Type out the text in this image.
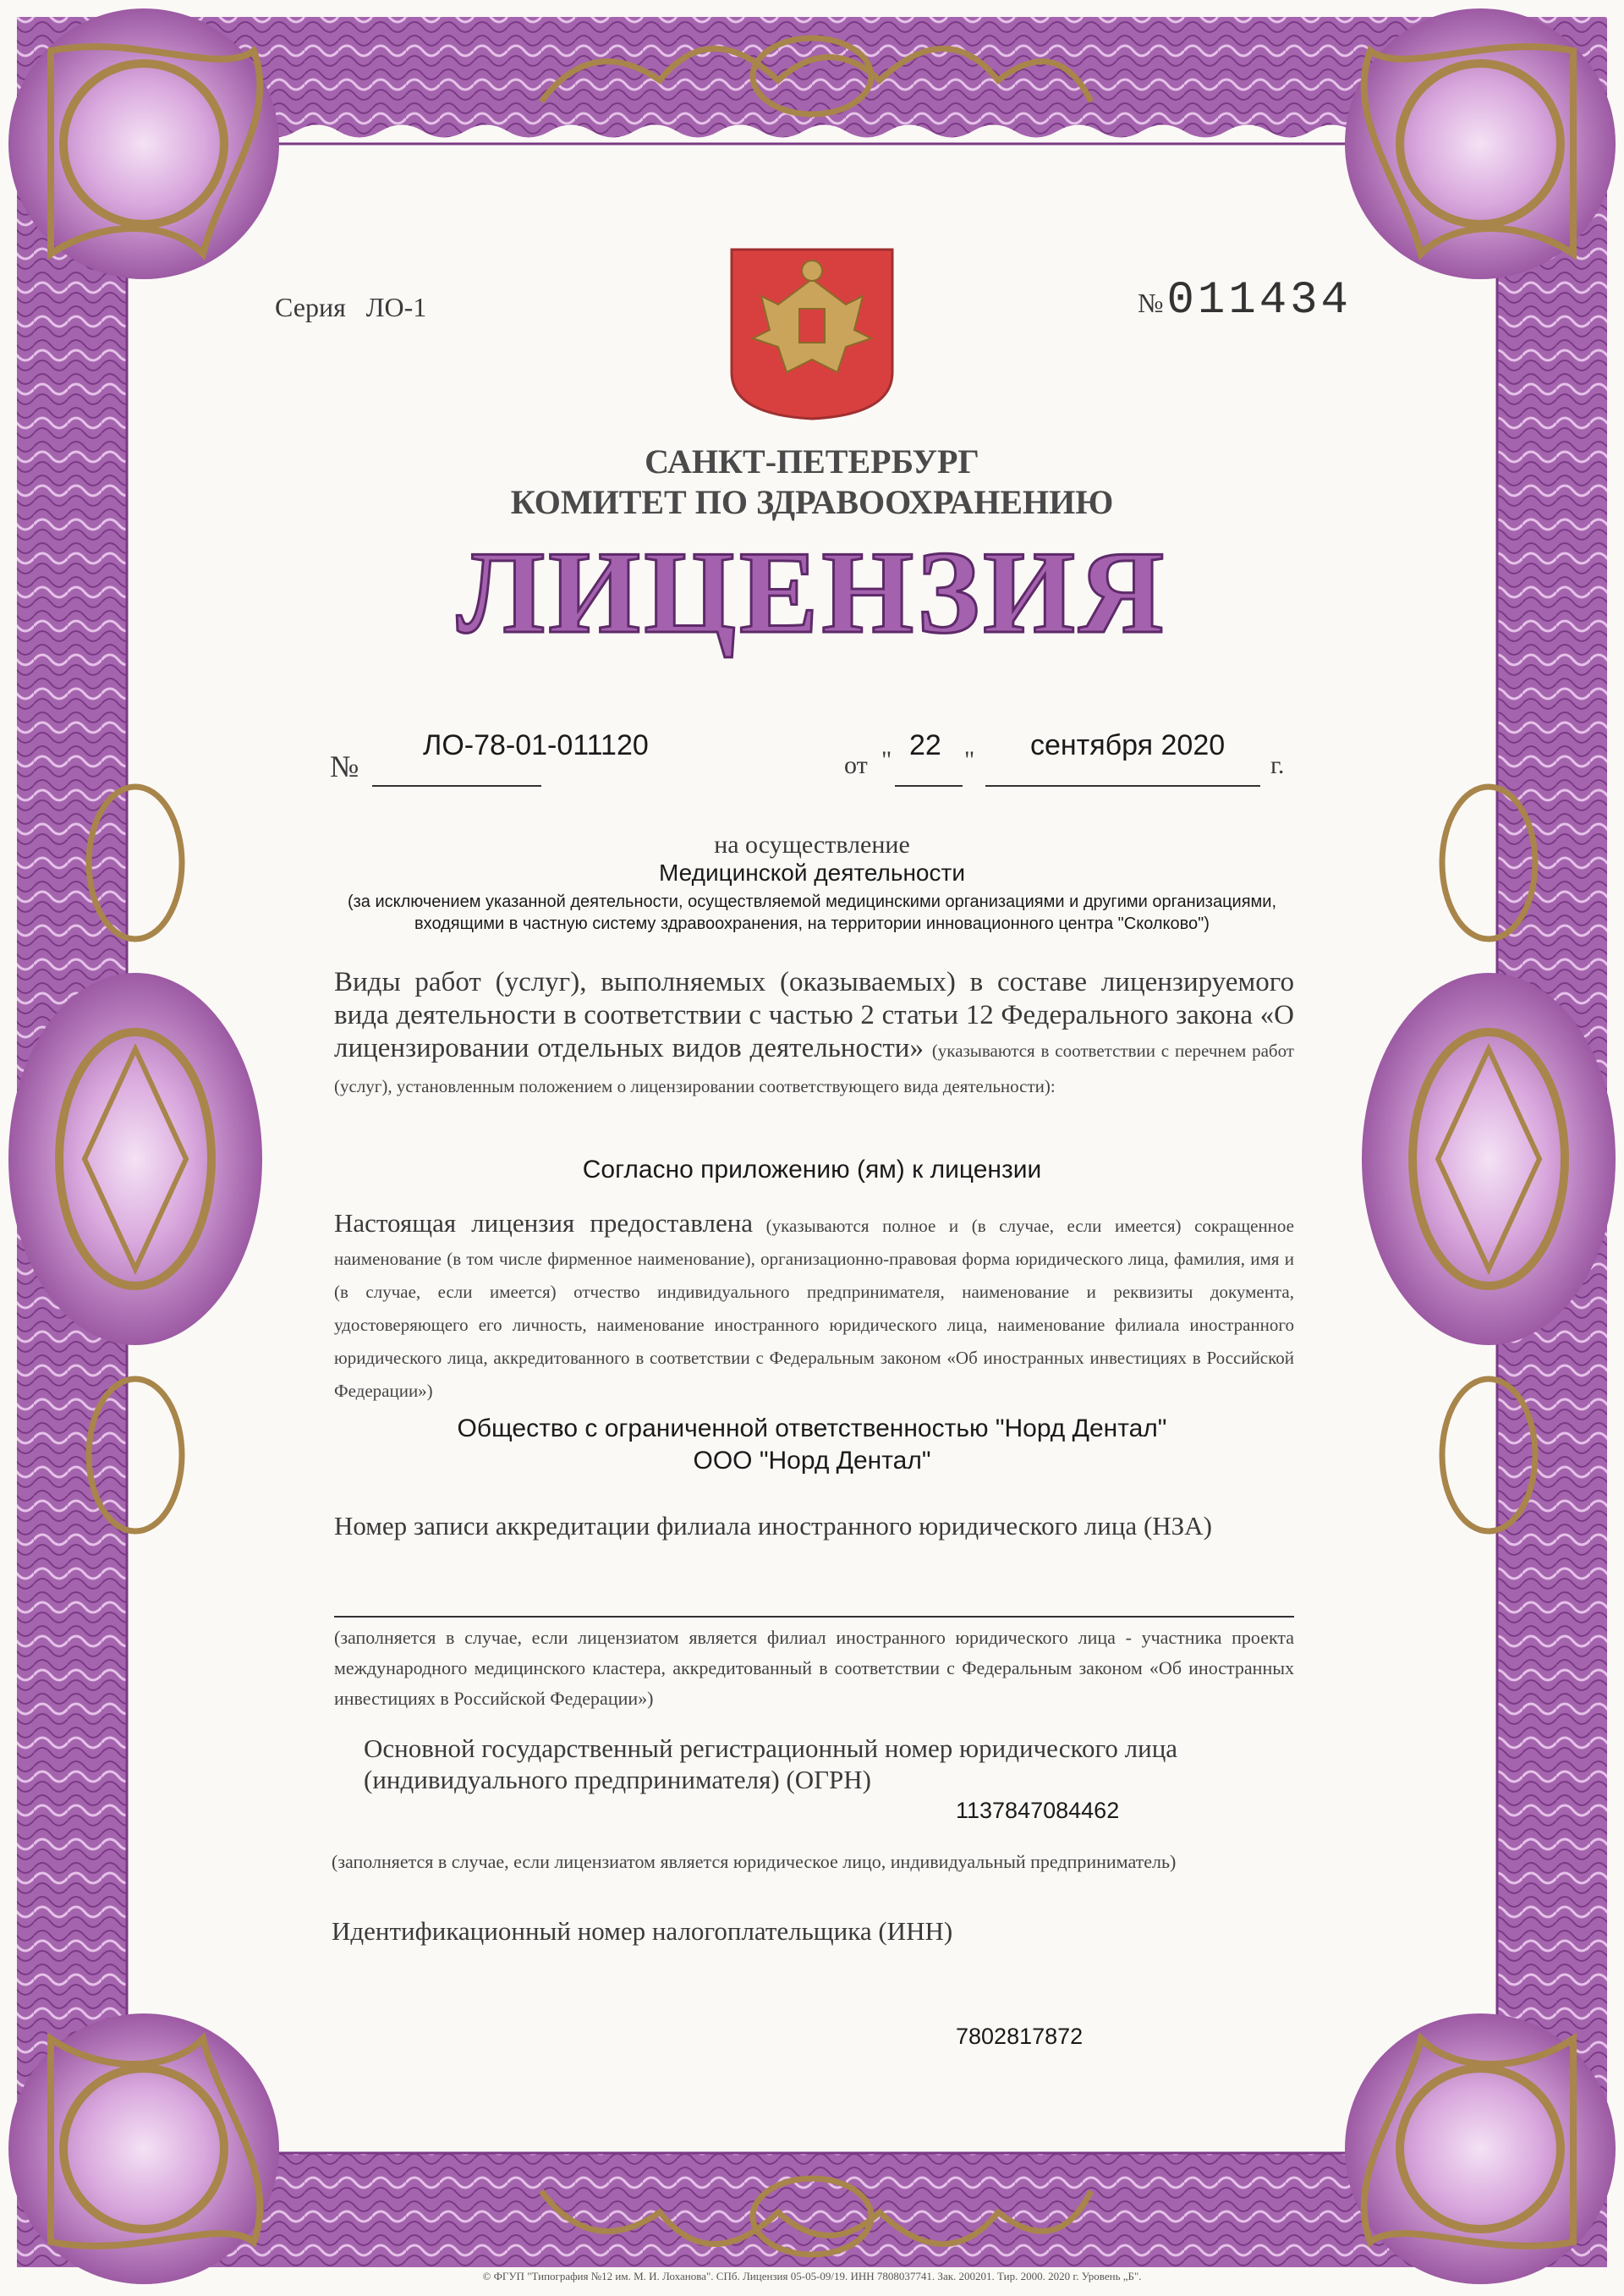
Серия ЛО-1	№ 011434
САНКТ-ПЕТЕРБУРГ
КОМИТЕТ ПО ЗДРАВООХРАНЕНИЮ
ЛИЦЕНЗИЯ
№
ЛО-78-01-011120
от " 22 " сентября 2020
г.
на осуществление
Медицинской деятельности
(за исключением указанной деятельности, осуществляемой медицинскими организациями и другими организациями,
входящими в частную систему здравоохранения, на территории инновационного центра "Сколково")
Виды работ (услуг), выполняемых (оказываемых) в составе лицензируемого вида деятельности в соответствии с частью 2 статьи 12 Федерального закона «О лицензировании отдельных видов деятельности» (указываются в соответствии с перечнем работ (услуг), установленным положением о лицензировании соответствующего вида деятельности):
Согласно приложению (ям) к лицензии
Настоящая лицензия предоставлена (указываются полное и (в случае, если имеется) сокращенное наименование (в том числе фирменное наименование), организационно-правовая форма юридического лица, фамилия, имя и (в случае, если имеется) отчество индивидуального предпринимателя, наименование и реквизиты документа, удостоверяющего его личность, наименование иностранного юридического лица, наименование филиала иностранного юридического лица, аккредитованного в соответствии с Федеральным законом «Об иностранных инвестициях в Российской Федерации»)
Общество с ограниченной ответственностью "Норд Дентал"
ООО "Норд Дентал"
Номер записи аккредитации филиала иностранного юридического лица (НЗА)
(заполняется в случае, если лицензиатом является филиал иностранного юридического лица - участника проекта международного медицинского кластера, аккредитованный в соответствии с Федеральным законом «Об иностранных инвестициях в Российской Федерации»)
Основной государственный регистрационный номер юридического лица (индивидуального предпринимателя) (ОГРН)
1137847084462
(заполняется в случае, если лицензиатом является юридическое лицо, индивидуальный предприниматель)
Идентификационный номер налогоплательщика (ИНН)
7802817872
© ФГУП "Типография №12 им. М. И. Лоханова". СПб. Лицензия 05-05-09/19. ИНН 7808037741. Зак. 200201. Тир. 2000. 2020 г. Уровень „Б".
